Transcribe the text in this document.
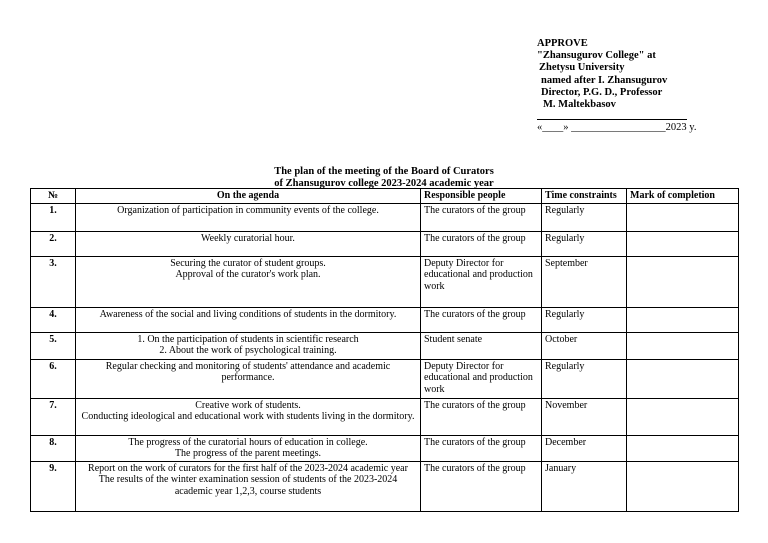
APPROVE
"Zhansugurov College" at
Zhetysu University
named after I. Zhansugurov
Director, P.G. D., Professor
M. Maltekbasov
«____» __________________2023 y.
The plan of the meeting of the Board of Curators
of Zhansugurov college 2023-2024 academic year
№	On the agenda	Responsible people	Time constraints	Mark of completion
1.	Organization of participation in community events of the college.	The curators of the group	Regularly	
2.	Weekly curatorial hour.	The curators of the group	Regularly	
3.	Securing the curator of student groups.
Approval of the curator's work plan.	Deputy Director for educational and production work	September	
4.	Awareness of the social and living conditions of students in the dormitory.	The curators of the group	Regularly	
5.	1. On the participation of students in scientific research
2. About the work of psychological training.	Student senate	October	
6.	Regular checking and monitoring of students' attendance and academic performance.	Deputy Director for educational and production work	Regularly	
7.	Creative work of students.
Conducting ideological and educational work with students living in the dormitory.	The curators of the group	November	
8.	The progress of the curatorial hours of education in college.
The progress of the parent meetings.	The curators of the group	December	
9.	Report on the work of curators for the first half of the 2023-2024 academic year
The results of the winter examination session of students of the 2023-2024 academic year 1,2,3, course students	The curators of the group	January	
